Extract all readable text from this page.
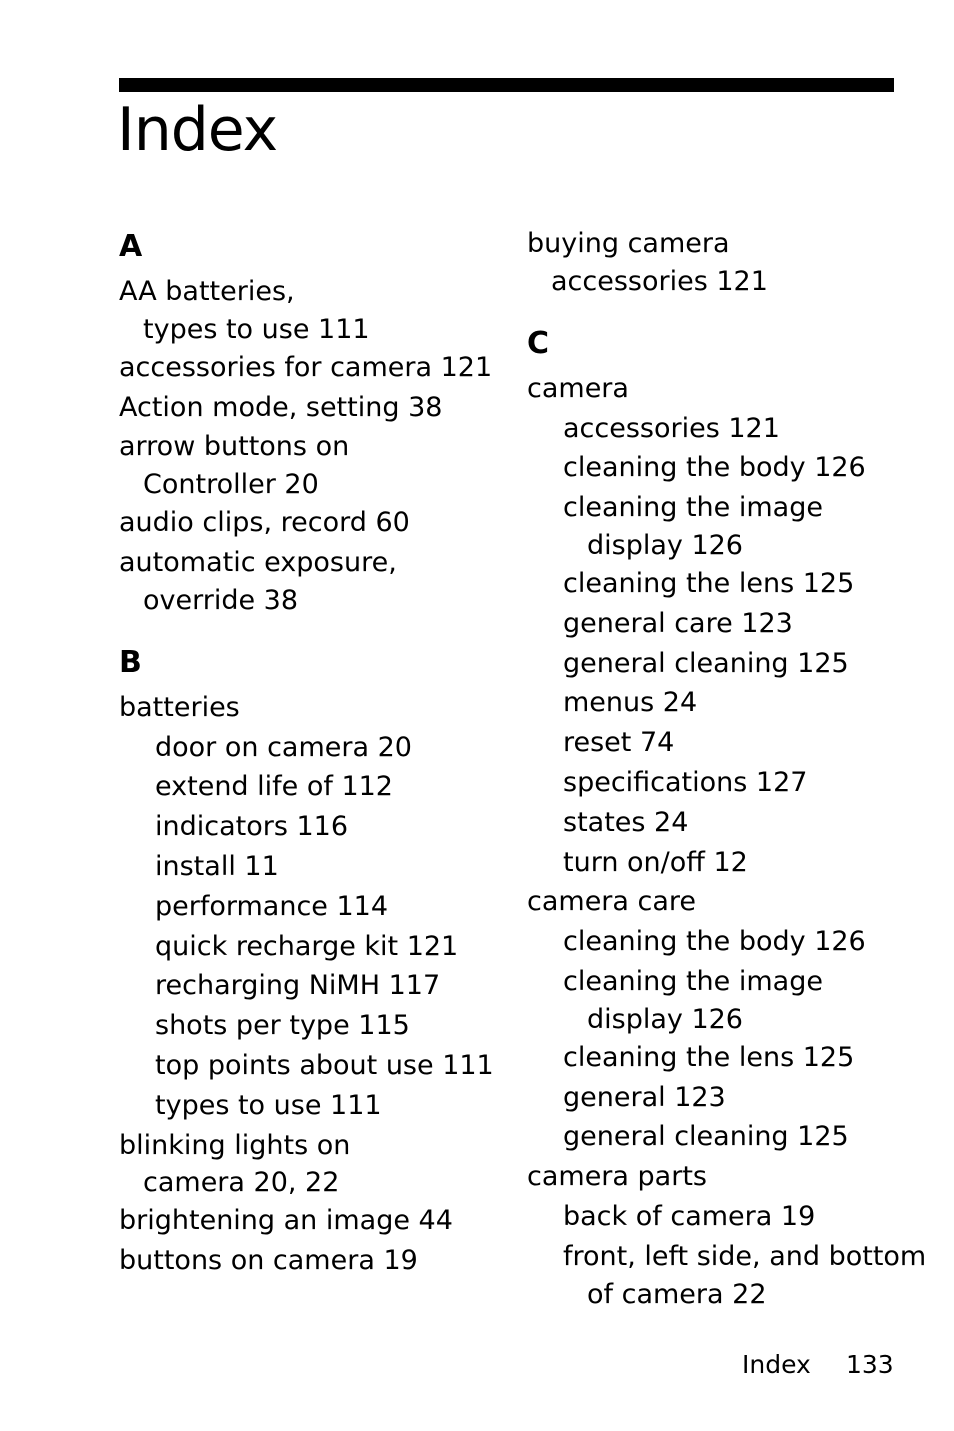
Index
A
AA batteries,
types to use 111
accessories for camera 121
Action mode, setting 38
arrow buttons on
Controller 20
audio clips, record 60
automatic exposure,
override 38
B
batteries
door on camera 20
extend life of 112
indicators 116
install 11
performance 114
quick recharge kit 121
recharging NiMH 117
shots per type 115
top points about use 111
types to use 111
blinking lights on
camera 20, 22
brightening an image 44
buttons on camera 19
buying camera
accessories 121
C
camera
accessories 121
cleaning the body 126
cleaning the image
display 126
cleaning the lens 125
general care 123
general cleaning 125
menus 24
reset 74
specifications 127
states 24
turn on/off 12
camera care
cleaning the body 126
cleaning the image
display 126
cleaning the lens 125
general 123
general cleaning 125
camera parts
back of camera 19
front, left side, and bottom
of camera 22
Index 133
